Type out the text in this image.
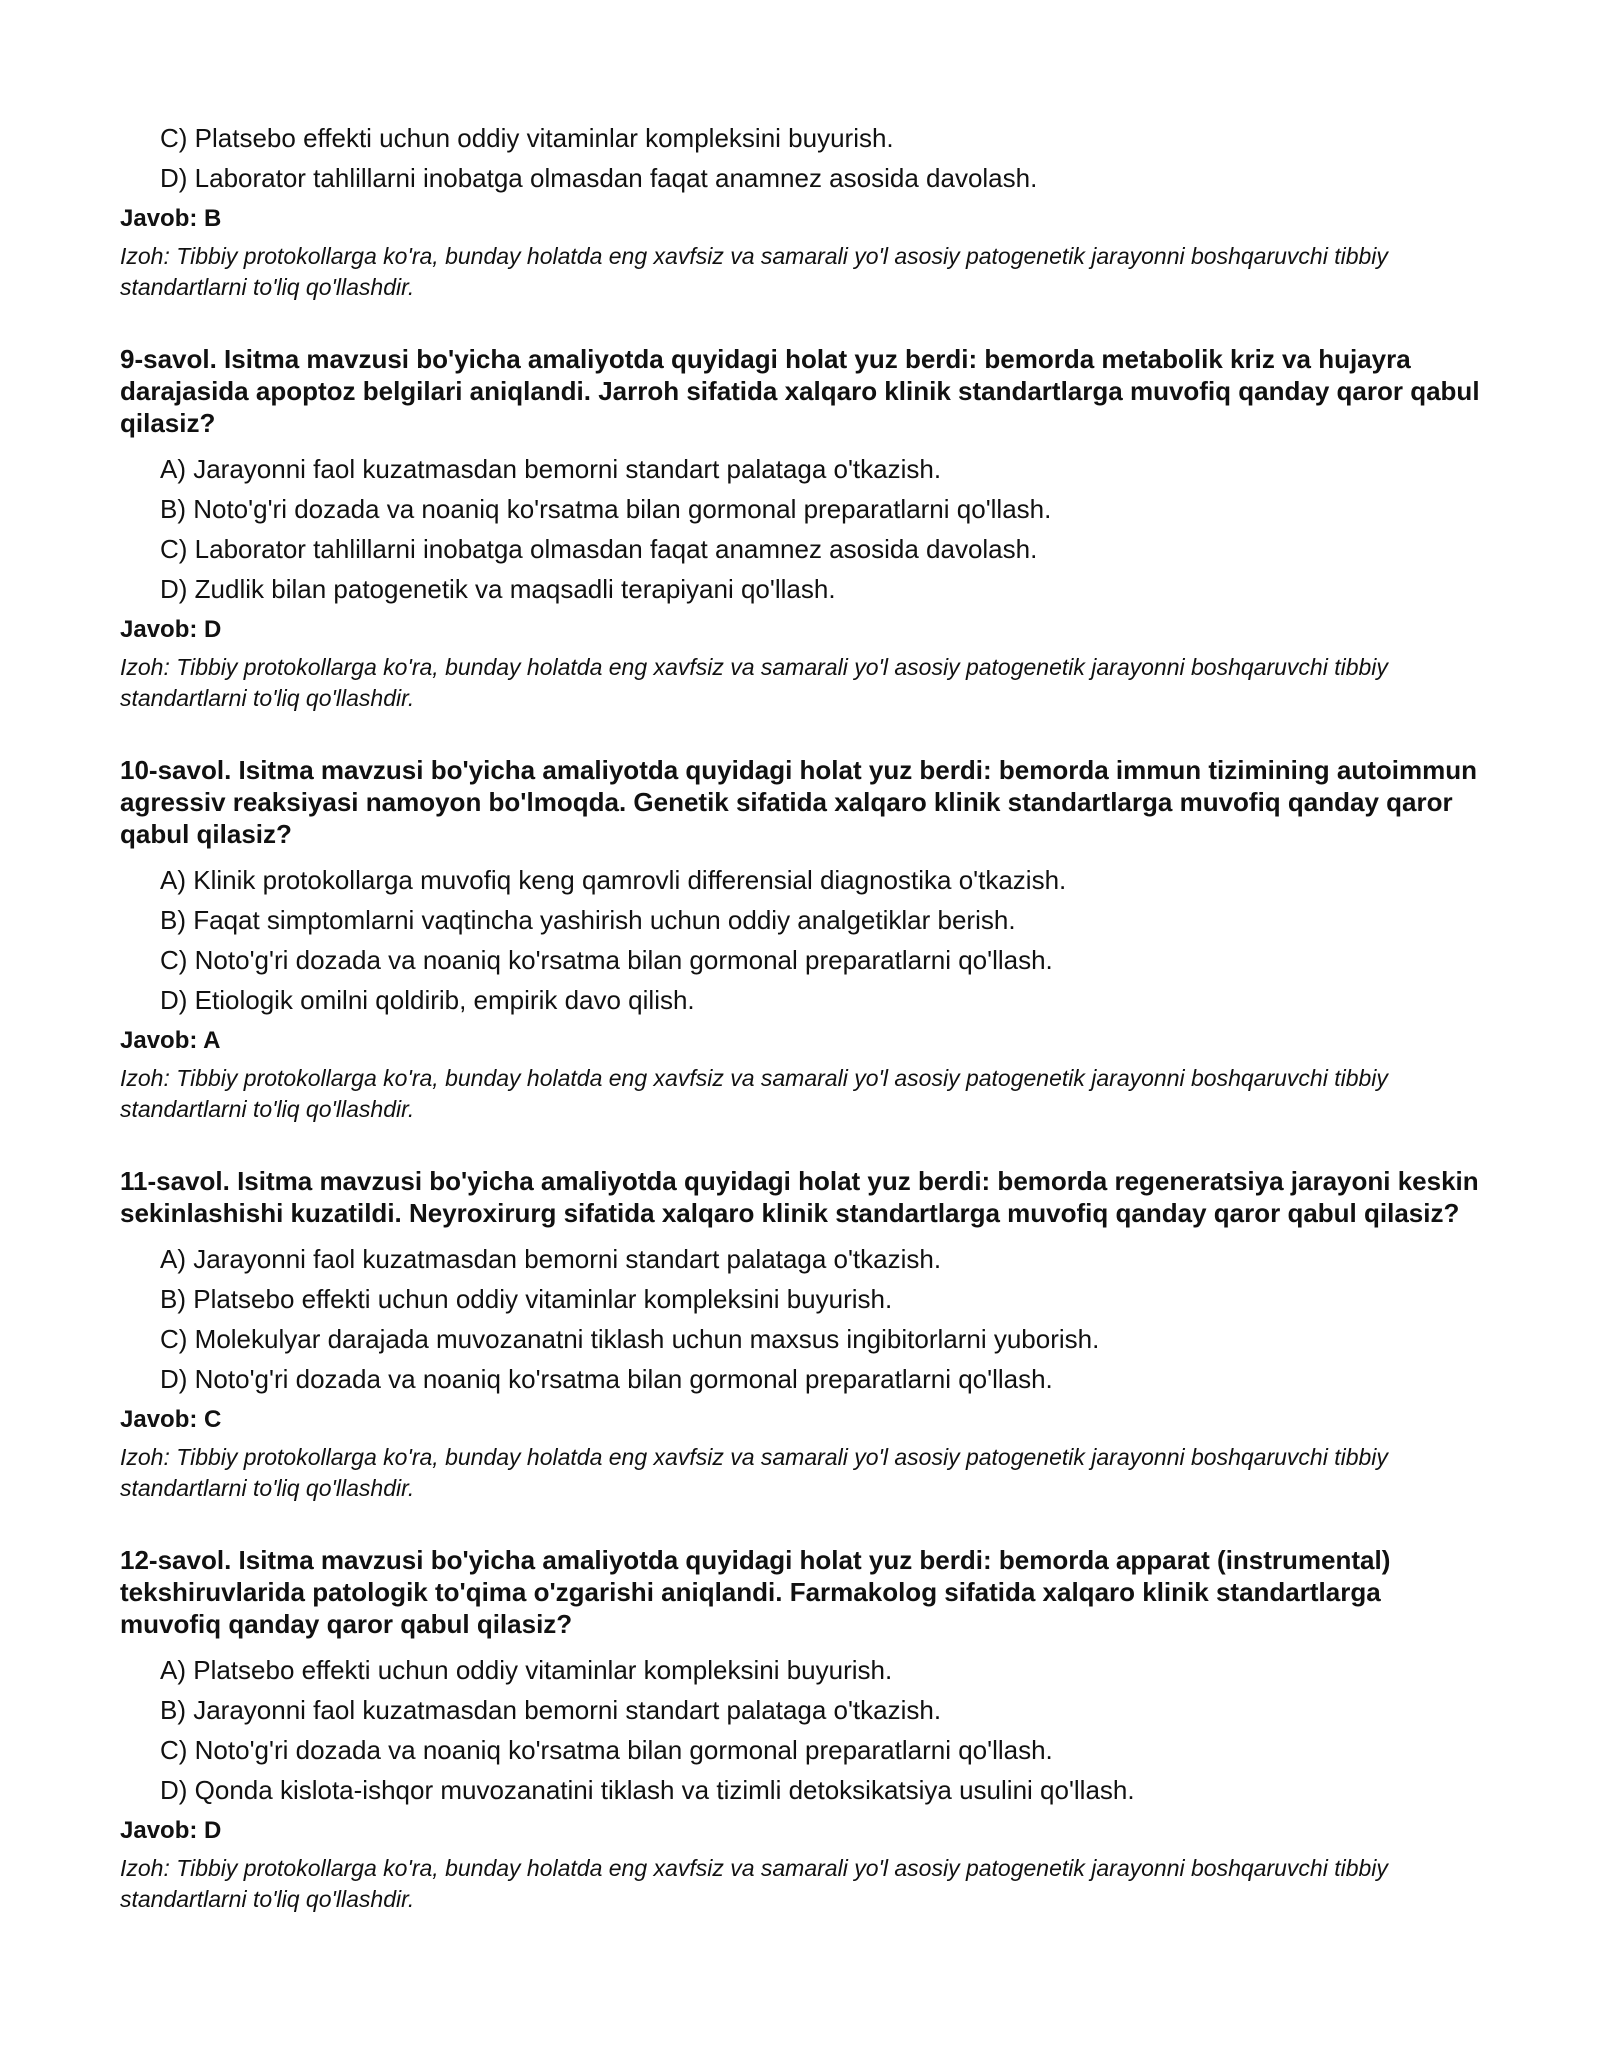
C) Platsebo effekti uchun oddiy vitaminlar kompleksini buyurish.
D) Laborator tahlillarni inobatga olmasdan faqat anamnez asosida davolash.
Javob: B
Izoh: Tibbiy protokollarga ko'ra, bunday holatda eng xavfsiz va samarali yo'l asosiy patogenetik jarayonni boshqaruvchi tibbiy standartlarni to'liq qo'llashdir.
9-savol. Isitma mavzusi bo'yicha amaliyotda quyidagi holat yuz berdi: bemorda metabolik kriz va hujayra darajasida apoptoz belgilari aniqlandi. Jarroh sifatida xalqaro klinik standartlarga muvofiq qanday qaror qabul qilasiz?
A) Jarayonni faol kuzatmasdan bemorni standart palataga o'tkazish.
B) Noto'g'ri dozada va noaniq ko'rsatma bilan gormonal preparatlarni qo'llash.
C) Laborator tahlillarni inobatga olmasdan faqat anamnez asosida davolash.
D) Zudlik bilan patogenetik va maqsadli terapiyani qo'llash.
Javob: D
Izoh: Tibbiy protokollarga ko'ra, bunday holatda eng xavfsiz va samarali yo'l asosiy patogenetik jarayonni boshqaruvchi tibbiy standartlarni to'liq qo'llashdir.
10-savol. Isitma mavzusi bo'yicha amaliyotda quyidagi holat yuz berdi: bemorda immun tizimining autoimmun agressiv reaksiyasi namoyon bo'lmoqda. Genetik sifatida xalqaro klinik standartlarga muvofiq qanday qaror qabul qilasiz?
A) Klinik protokollarga muvofiq keng qamrovli differensial diagnostika o'tkazish.
B) Faqat simptomlarni vaqtincha yashirish uchun oddiy analgetiklar berish.
C) Noto'g'ri dozada va noaniq ko'rsatma bilan gormonal preparatlarni qo'llash.
D) Etiologik omilni qoldirib, empirik davo qilish.
Javob: A
Izoh: Tibbiy protokollarga ko'ra, bunday holatda eng xavfsiz va samarali yo'l asosiy patogenetik jarayonni boshqaruvchi tibbiy standartlarni to'liq qo'llashdir.
11-savol. Isitma mavzusi bo'yicha amaliyotda quyidagi holat yuz berdi: bemorda regeneratsiya jarayoni keskin sekinlashishi kuzatildi. Neyroxirurg sifatida xalqaro klinik standartlarga muvofiq qanday qaror qabul qilasiz?
A) Jarayonni faol kuzatmasdan bemorni standart palataga o'tkazish.
B) Platsebo effekti uchun oddiy vitaminlar kompleksini buyurish.
C) Molekulyar darajada muvozanatni tiklash uchun maxsus ingibitorlarni yuborish.
D) Noto'g'ri dozada va noaniq ko'rsatma bilan gormonal preparatlarni qo'llash.
Javob: C
Izoh: Tibbiy protokollarga ko'ra, bunday holatda eng xavfsiz va samarali yo'l asosiy patogenetik jarayonni boshqaruvchi tibbiy standartlarni to'liq qo'llashdir.
12-savol. Isitma mavzusi bo'yicha amaliyotda quyidagi holat yuz berdi: bemorda apparat (instrumental) tekshiruvlarida patologik to'qima o'zgarishi aniqlandi. Farmakolog sifatida xalqaro klinik standartlarga muvofiq qanday qaror qabul qilasiz?
A) Platsebo effekti uchun oddiy vitaminlar kompleksini buyurish.
B) Jarayonni faol kuzatmasdan bemorni standart palataga o'tkazish.
C) Noto'g'ri dozada va noaniq ko'rsatma bilan gormonal preparatlarni qo'llash.
D) Qonda kislota-ishqor muvozanatini tiklash va tizimli detoksikatsiya usulini qo'llash.
Javob: D
Izoh: Tibbiy protokollarga ko'ra, bunday holatda eng xavfsiz va samarali yo'l asosiy patogenetik jarayonni boshqaruvchi tibbiy standartlarni to'liq qo'llashdir.
